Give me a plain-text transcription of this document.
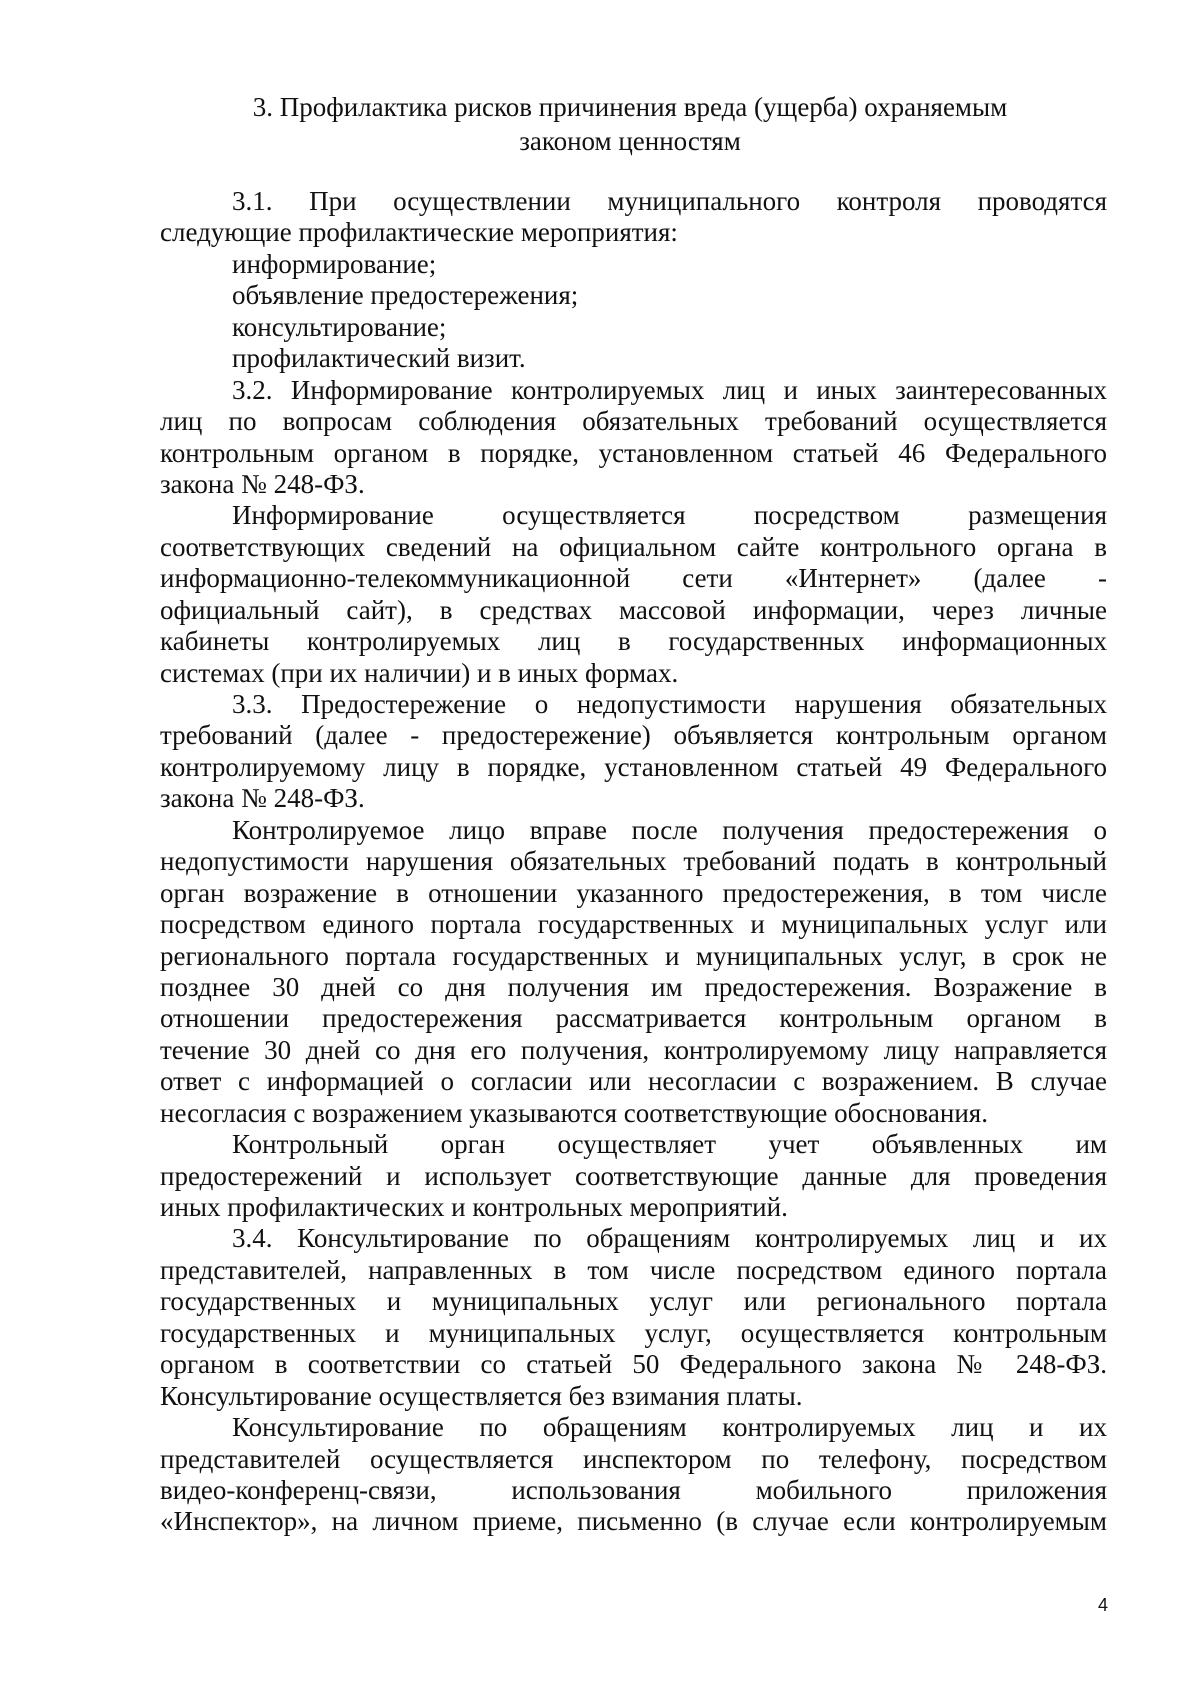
3. Профилактика рисков причинения вреда (ущерба) охраняемым
законом ценностям
3.1. При осуществлении муниципального контроля проводятся
следующие профилактические мероприятия:
информирование;
объявление предостережения;
консультирование;
профилактический визит.
3.2. Информирование контролируемых лиц и иных заинтересованных
лиц по вопросам соблюдения обязательных требований осуществляется
контрольным органом в порядке, установленном статьей 46 Федерального
закона № 248-ФЗ.
Информирование осуществляется посредством размещения
соответствующих сведений на официальном сайте контрольного органа в
информационно-телекоммуникационной сети «Интернет» (далее -
официальный сайт), в средствах массовой информации, через личные
кабинеты контролируемых лиц в государственных информационных
системах (при их наличии) и в иных формах.
3.3. Предостережение о недопустимости нарушения обязательных
требований (далее - предостережение) объявляется контрольным органом
контролируемому лицу в порядке, установленном статьей 49 Федерального
закона № 248-ФЗ.
Контролируемое лицо вправе после получения предостережения о
недопустимости нарушения обязательных требований подать в контрольный
орган возражение в отношении указанного предостережения, в том числе
посредством единого портала государственных и муниципальных услуг или
регионального портала государственных и муниципальных услуг, в срок не
позднее 30 дней со дня получения им предостережения. Возражение в
отношении предостережения рассматривается контрольным органом в
течение 30 дней со дня его получения, контролируемому лицу направляется
ответ с информацией о согласии или несогласии с возражением. В случае
несогласия с возражением указываются соответствующие обоснования.
Контрольный орган осуществляет учет объявленных им
предостережений и использует соответствующие данные для проведения
иных профилактических и контрольных мероприятий.
3.4. Консультирование по обращениям контролируемых лиц и их
представителей, направленных в том числе посредством единого портала
государственных и муниципальных услуг или регионального портала
государственных и муниципальных услуг, осуществляется контрольным
органом в соответствии со статьей 50 Федерального закона № 248-ФЗ.
Консультирование осуществляется без взимания платы.
Консультирование по обращениям контролируемых лиц и их
представителей осуществляется инспектором по телефону, посредством
видео-конференц-связи, использования мобильного приложения
«Инспектор», на личном приеме, письменно (в случае если контролируемым
4
